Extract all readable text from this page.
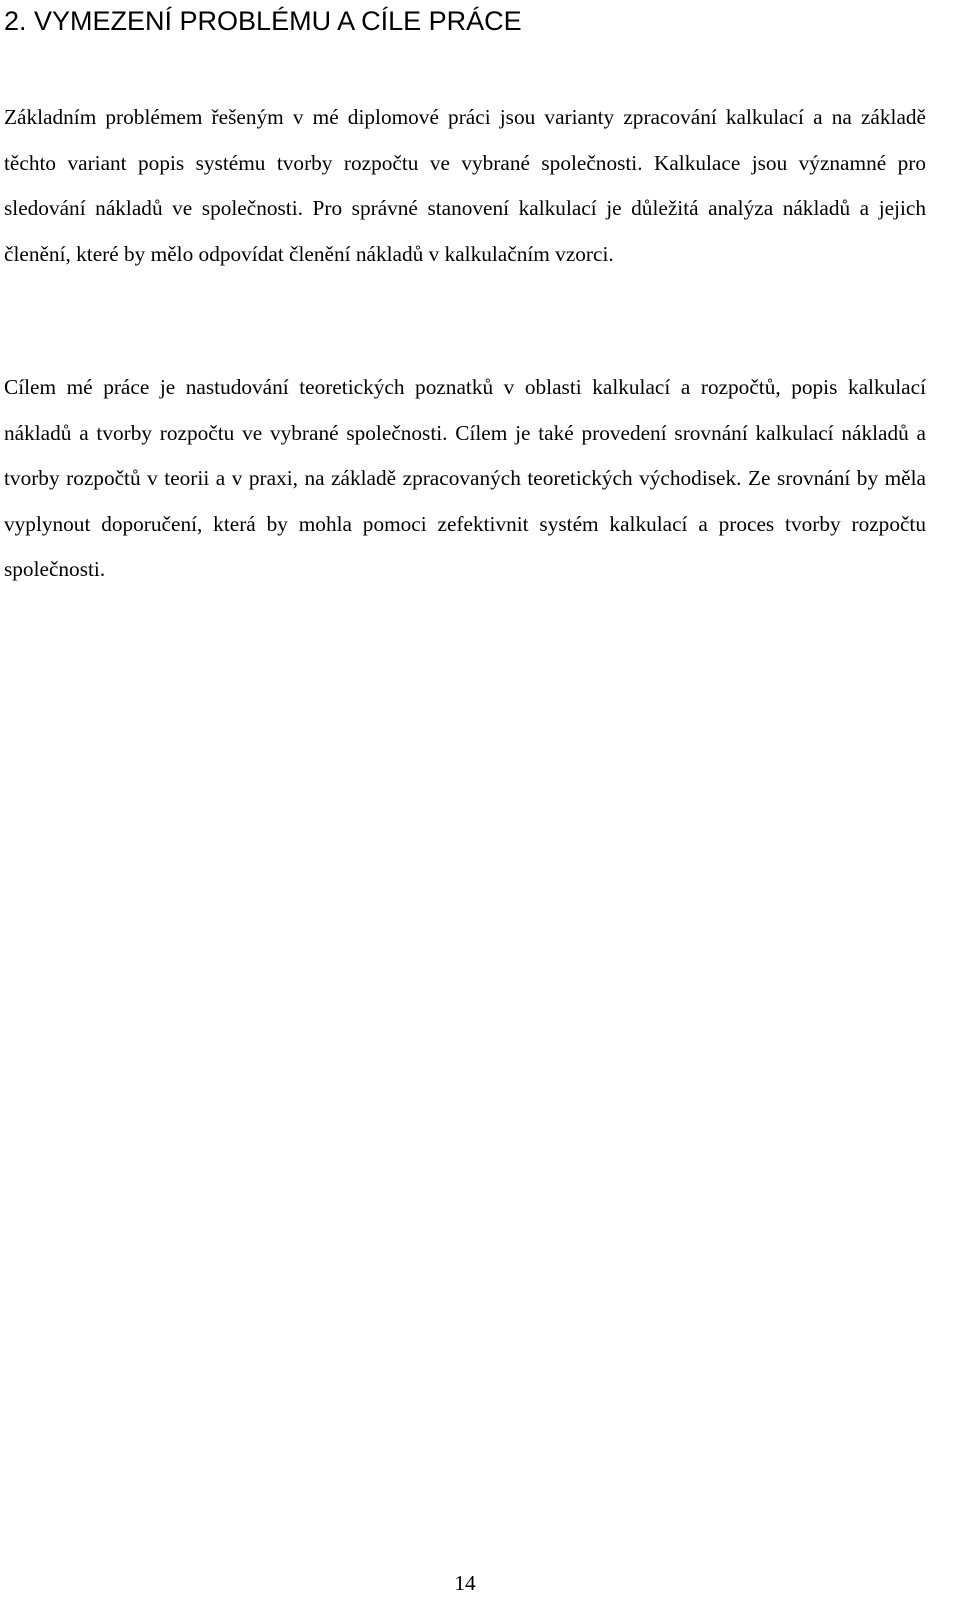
2. VYMEZENÍ PROBLÉMU A CÍLE PRÁCE

Základním problémem řešeným v mé diplomové práci jsou varianty zpracování kalkulací a na základě těchto variant popis systému tvorby rozpočtu ve vybrané společnosti. Kalkulace jsou významné pro sledování nákladů ve společnosti. Pro správné stanovení kalkulací je důležitá analýza nákladů a jejich členění, které by mělo odpovídat členění nákladů v kalkulačním vzorci.

Cílem mé práce je nastudování teoretických poznatků v oblasti kalkulací a rozpočtů, popis kalkulací nákladů a tvorby rozpočtu ve vybrané společnosti. Cílem je také provedení srovnání kalkulací nákladů a tvorby rozpočtů v teorii a v praxi, na základě zpracovaných teoretických východisek. Ze srovnání by měla vyplynout doporučení, která by mohla pomoci zefektivnit systém kalkulací a proces tvorby rozpočtu společnosti.

14
